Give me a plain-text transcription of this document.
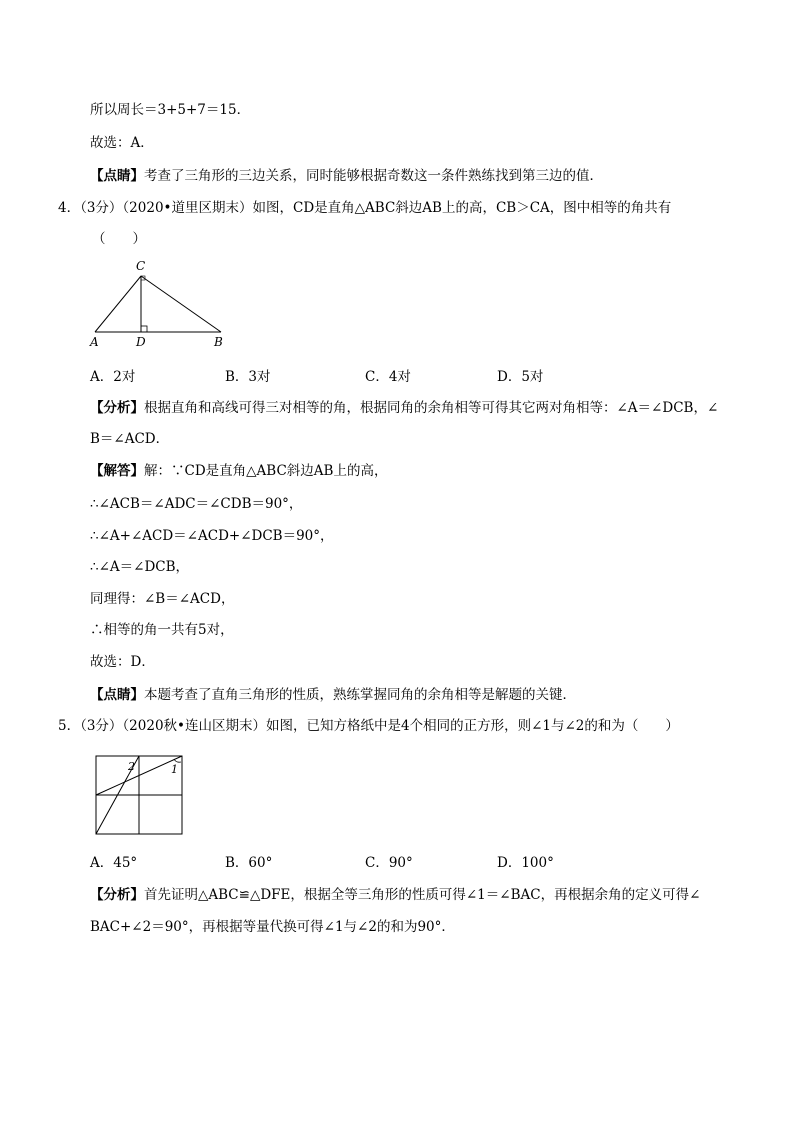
所以周长＝3+5+7＝15．
故选：A．
【点睛】考查了三角形的三边关系，同时能够根据奇数这一条件熟练找到第三边的值．
4．（3分）（2020•道里区期末）如图，CD是直角△ABC斜边AB上的高，CB＞CA，图中相等的角共有
（　　）
C
A	D	B
A．2对	B．3对	C．4对	D．5对
【分析】根据直角和高线可得三对相等的角，根据同角的余角相等可得其它两对角相等：∠A＝∠DCB，∠
B＝∠ACD．
【解答】解：∵CD是直角△ABC斜边AB上的高，
∴∠ACB＝∠ADC＝∠CDB＝90°，
∴∠A+∠ACD＝∠ACD+∠DCB＝90°，
∴∠A＝∠DCB，
同理得：∠B＝∠ACD，
∴相等的角一共有5对，
故选：D．
【点睛】本题考查了直角三角形的性质，熟练掌握同角的余角相等是解题的关键．
5．（3分）（2020秋•连山区期末）如图，已知方格纸中是4个相同的正方形，则∠1与∠2的和为（　　）
1
2
A．45°	B．60°	C．90°	D．100°
【分析】首先证明△ABC≌△DFE，根据全等三角形的性质可得∠1＝∠BAC，再根据余角的定义可得∠
BAC+∠2＝90°，再根据等量代换可得∠1与∠2的和为90°．
